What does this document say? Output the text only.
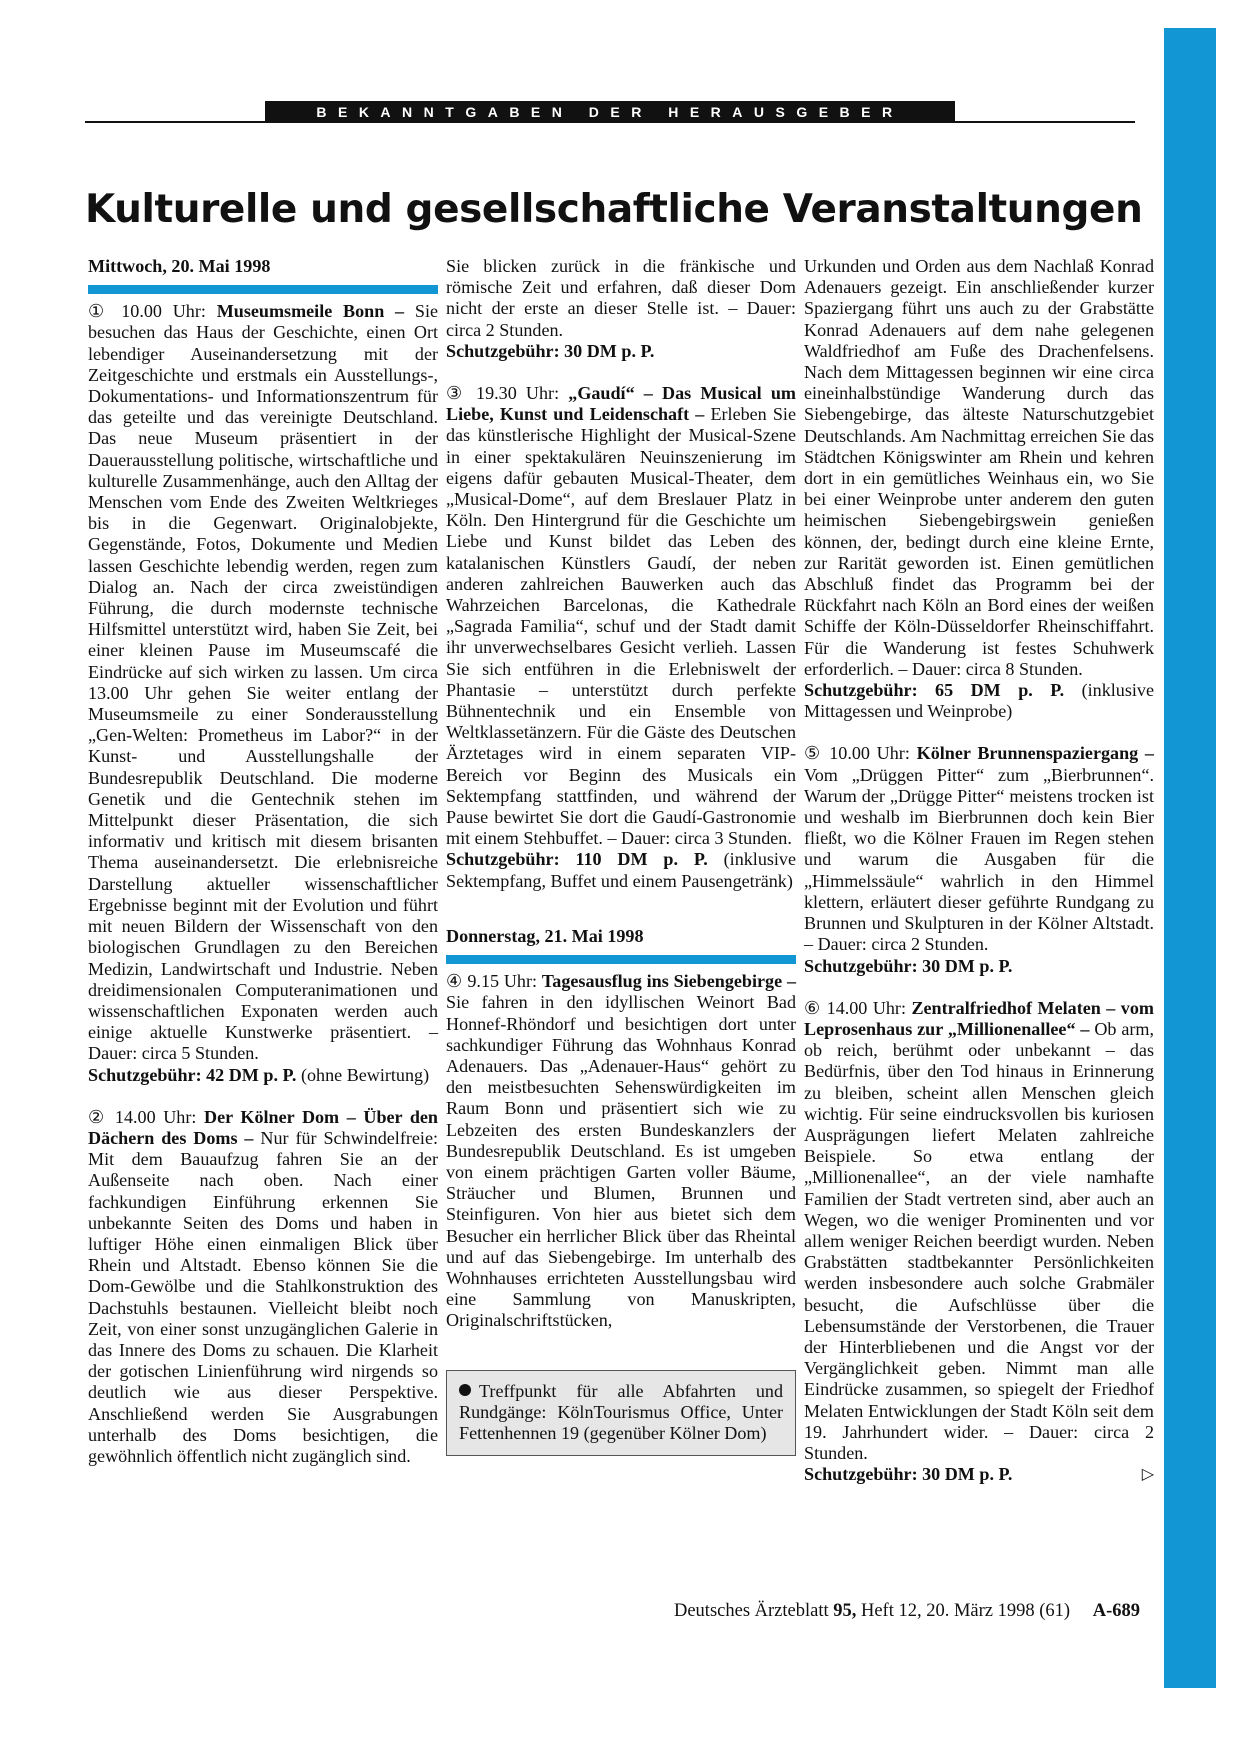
BEKANNTGABEN DER HERAUSGEBER
Kulturelle und gesellschaftliche Veranstaltungen

Mittwoch, 20. Mai 1998

① 10.00 Uhr: Museumsmeile Bonn – Sie besuchen das Haus der Geschichte, einen Ort lebendiger Auseinandersetzung mit der Zeitgeschichte und erstmals ein Ausstellungs-, Dokumentations- und Informationszentrum für das geteilte und das vereinigte Deutschland. Das neue Museum präsentiert in der Dauerausstellung politische, wirtschaftliche und kulturelle Zusammenhänge, auch den Alltag der Menschen vom Ende des Zweiten Weltkrieges bis in die Gegenwart. Originalobjekte, Gegenstände, Fotos, Dokumente und Medien lassen Geschichte lebendig werden, regen zum Dialog an. Nach der circa zweistündigen Führung, die durch modernste technische Hilfsmittel unterstützt wird, haben Sie Zeit, bei einer kleinen Pause im Museumscafé die Eindrücke auf sich wirken zu lassen. Um circa 13.00 Uhr gehen Sie weiter entlang der Museumsmeile zu einer Sonderausstellung „Gen-Welten: Prometheus im Labor?“ in der Kunst- und Ausstellungshalle der Bundesrepublik Deutschland. Die moderne Genetik und die Gentechnik stehen im Mittelpunkt dieser Präsentation, die sich informativ und kritisch mit diesem brisanten Thema auseinandersetzt. Die erlebnisreiche Darstellung aktueller wissenschaftlicher Ergebnisse beginnt mit der Evolution und führt mit neuen Bildern der Wissenschaft von den biologischen Grundlagen zu den Bereichen Medizin, Landwirtschaft und Industrie. Neben dreidimensionalen Computeranimationen und wissenschaftlichen Exponaten werden auch einige aktuelle Kunstwerke präsentiert. – Dauer: circa 5 Stunden.

Schutzgebühr: 42 DM p. P. (ohne Bewirtung)

② 14.00 Uhr: Der Kölner Dom – Über den Dächern des Doms – Nur für Schwindelfreie: Mit dem Bauaufzug fahren Sie an der Außenseite nach oben. Nach einer fachkundigen Einführung erkennen Sie unbekannte Seiten des Doms und haben in luftiger Höhe einen einmaligen Blick über Rhein und Altstadt. Ebenso können Sie die Dom-Gewölbe und die Stahlkonstruktion des Dachstuhls bestaunen. Vielleicht bleibt noch Zeit, von einer sonst unzugänglichen Galerie in das Innere des Doms zu schauen. Die Klarheit der gotischen Linienführung wird nirgends so deutlich wie aus dieser Perspektive. Anschließend werden Sie Ausgrabungen unterhalb des Doms besichtigen, die gewöhnlich öffentlich nicht zugänglich sind.

Sie blicken zurück in die fränkische und römische Zeit und erfahren, daß dieser Dom nicht der erste an dieser Stelle ist. – Dauer: circa 2 Stunden.

Schutzgebühr: 30 DM p. P.

③ 19.30 Uhr: „Gaudí“ – Das Musical um Liebe, Kunst und Leidenschaft – Erleben Sie das künstlerische Highlight der Musical-Szene in einer spektakulären Neuinszenierung im eigens dafür gebauten Musical-Theater, dem „Musical-Dome“, auf dem Breslauer Platz in Köln. Den Hintergrund für die Geschichte um Liebe und Kunst bildet das Leben des katalanischen Künstlers Gaudí, der neben anderen zahlreichen Bauwerken auch das Wahrzeichen Barcelonas, die Kathedrale „Sagrada Familia“, schuf und der Stadt damit ihr unverwechselbares Gesicht verlieh. Lassen Sie sich entführen in die Erlebniswelt der Phantasie – unterstützt durch perfekte Bühnentechnik und ein Ensemble von Weltklassetänzern. Für die Gäste des Deutschen Ärztetages wird in einem separaten VIP-Bereich vor Beginn des Musicals ein Sektempfang stattfinden, und während der Pause bewirtet Sie dort die Gaudí-Gastronomie mit einem Stehbuffet. – Dauer: circa 3 Stunden.

Schutzgebühr: 110 DM p. P. (inklusive Sektempfang, Buffet und einem Pausengetränk)

Donnerstag, 21. Mai 1998

④ 9.15 Uhr: Tagesausflug ins Siebengebirge – Sie fahren in den idyllischen Weinort Bad Honnef-Rhöndorf und besichtigen dort unter sachkundiger Führung das Wohnhaus Konrad Adenauers. Das „Adenauer-Haus“ gehört zu den meistbesuchten Sehenswürdigkeiten im Raum Bonn und präsentiert sich wie zu Lebzeiten des ersten Bundeskanzlers der Bundesrepublik Deutschland. Es ist umgeben von einem prächtigen Garten voller Bäume, Sträucher und Blumen, Brunnen und Steinfiguren. Von hier aus bietet sich dem Besucher ein herrlicher Blick über das Rheintal und auf das Siebengebirge. Im unterhalb des Wohnhauses errichteten Ausstellungsbau wird eine Sammlung von Manuskripten, Originalschriftstücken,

Treffpunkt für alle Abfahrten und Rundgänge: KölnTourismus Office, Unter Fettenhennen 19 (gegenüber Kölner Dom)

Urkunden und Orden aus dem Nachlaß Konrad Adenauers gezeigt. Ein anschließender kurzer Spaziergang führt uns auch zu der Grabstätte Konrad Adenauers auf dem nahe gelegenen Waldfriedhof am Fuße des Drachenfelsens. Nach dem Mittagessen beginnen wir eine circa eineinhalbstündige Wanderung durch das Siebengebirge, das älteste Naturschutzgebiet Deutschlands. Am Nachmittag erreichen Sie das Städtchen Königswinter am Rhein und kehren dort in ein gemütliches Weinhaus ein, wo Sie bei einer Weinprobe unter anderem den guten heimischen Siebengebirgswein genießen können, der, bedingt durch eine kleine Ernte, zur Rarität geworden ist. Einen gemütlichen Abschluß findet das Programm bei der Rückfahrt nach Köln an Bord eines der weißen Schiffe der Köln-Düsseldorfer Rheinschiffahrt. Für die Wanderung ist festes Schuhwerk erforderlich. – Dauer: circa 8 Stunden.

Schutzgebühr: 65 DM p. P. (inklusive Mittagessen und Weinprobe)

⑤ 10.00 Uhr: Kölner Brunnenspaziergang – Vom „Drüggen Pitter“ zum „Bierbrunnen“. Warum der „Drügge Pitter“ meistens trocken ist und weshalb im Bierbrunnen doch kein Bier fließt, wo die Kölner Frauen im Regen stehen und warum die Ausgaben für die „Himmelssäule“ wahrlich in den Himmel klettern, erläutert dieser geführte Rundgang zu Brunnen und Skulpturen in der Kölner Altstadt. – Dauer: circa 2 Stunden.

Schutzgebühr: 30 DM p. P.

⑥ 14.00 Uhr: Zentralfriedhof Melaten – vom Leprosenhaus zur „Millionenallee“ – Ob arm, ob reich, berühmt oder unbekannt – das Bedürfnis, über den Tod hinaus in Erinnerung zu bleiben, scheint allen Menschen gleich wichtig. Für seine eindrucksvollen bis kuriosen Ausprägungen liefert Melaten zahlreiche Beispiele. So etwa entlang der „Millionenallee“, an der viele namhafte Familien der Stadt vertreten sind, aber auch an Wegen, wo die weniger Prominenten und vor allem weniger Reichen beerdigt wurden. Neben Grabstätten stadtbekannter Persönlichkeiten werden insbesondere auch solche Grabmäler besucht, die Aufschlüsse über die Lebensumstände der Verstorbenen, die Trauer der Hinterbliebenen und die Angst vor der Vergänglichkeit geben. Nimmt man alle Eindrücke zusammen, so spiegelt der Friedhof Melaten Entwicklungen der Stadt Köln seit dem 19. Jahrhundert wider. – Dauer: circa 2 Stunden.

Schutzgebühr: 30 DM p. P.	▷

Deutsches Ärzteblatt 95, Heft 12, 20. März 1998 (61) A-689
